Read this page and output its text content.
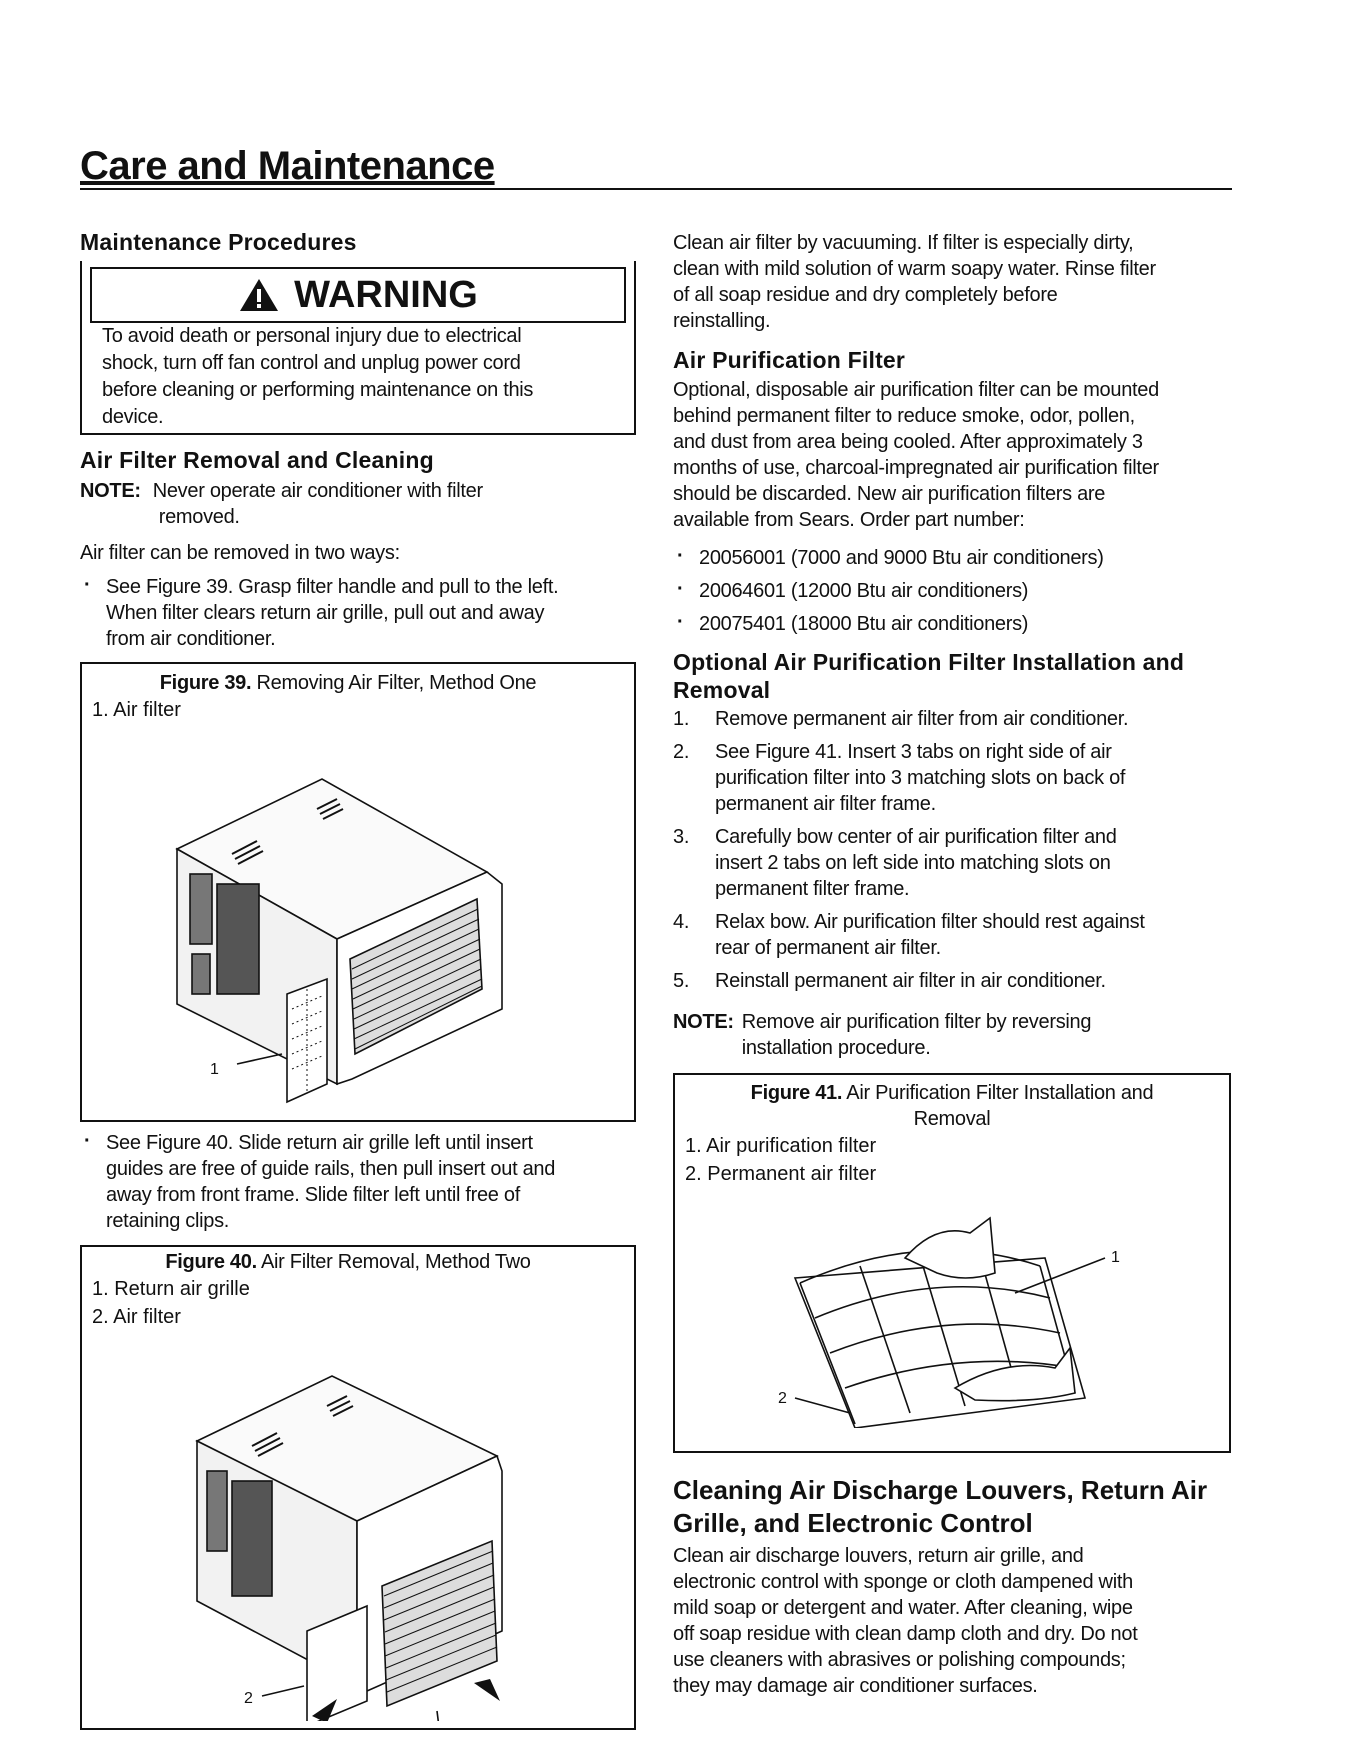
Care and Maintenance
Maintenance Procedures
WARNING
To avoid death or personal injury due to electrical
shock, turn off fan control and unplug power cord
before cleaning or performing maintenance on this
device.
Air Filter Removal and Cleaning
NOTE: Never operate air conditioner with filter
removed.

Air filter can be removed in two ways:

· See Figure 39. Grasp filter handle and pull to the left.
When filter clears return air grille, pull out and away
from air conditioner.
Figure 39. Removing Air Filter, Method One
1. Air filter
1
· See Figure 40. Slide return air grille left until insert
guides are free of guide rails, then pull insert out and
away from front frame. Slide filter left until free of
retaining clips.
Figure 40. Air Filter Removal, Method Two
1. Return air grille
2. Air filter
2
Clean air filter by vacuuming. If filter is especially dirty,
clean with mild solution of warm soapy water. Rinse filter
of all soap residue and dry completely before
reinstalling.
Air Purification Filter
Optional, disposable air purification filter can be mounted
behind permanent filter to reduce smoke, odor, pollen,
and dust from area being cooled. After approximately 3
months of use, charcoal-impregnated air purification filter
should be discarded. New air purification filters are
available from Sears. Order part number:
· 20056001 (7000 and 9000 Btu air conditioners)
· 20064601 (12000 Btu air conditioners)
· 20075401 (18000 Btu air conditioners)
Optional Air Purification Filter Installation and
Removal
1. Remove permanent air filter from air conditioner.
2. See Figure 41. Insert 3 tabs on right side of air
purification filter into 3 matching slots on back of
permanent air filter frame.
3. Carefully bow center of air purification filter and
insert 2 tabs on left side into matching slots on
permanent filter frame.
4. Relax bow. Air purification filter should rest against
rear of permanent air filter.
5. Reinstall permanent air filter in air conditioner.
NOTE: Remove air purification filter by reversing
installation procedure.
Figure 41. Air Purification Filter Installation and
Removal
1. Air purification filter
2. Permanent air filter
1
2
Cleaning Air Discharge Louvers, Return Air
Grille, and Electronic Control
Clean air discharge louvers, return air grille, and
electronic control with sponge or cloth dampened with
mild soap or detergent and water. After cleaning, wipe
off soap residue with clean damp cloth and dry. Do not
use cleaners with abrasives or polishing compounds;
they may damage air conditioner surfaces.
